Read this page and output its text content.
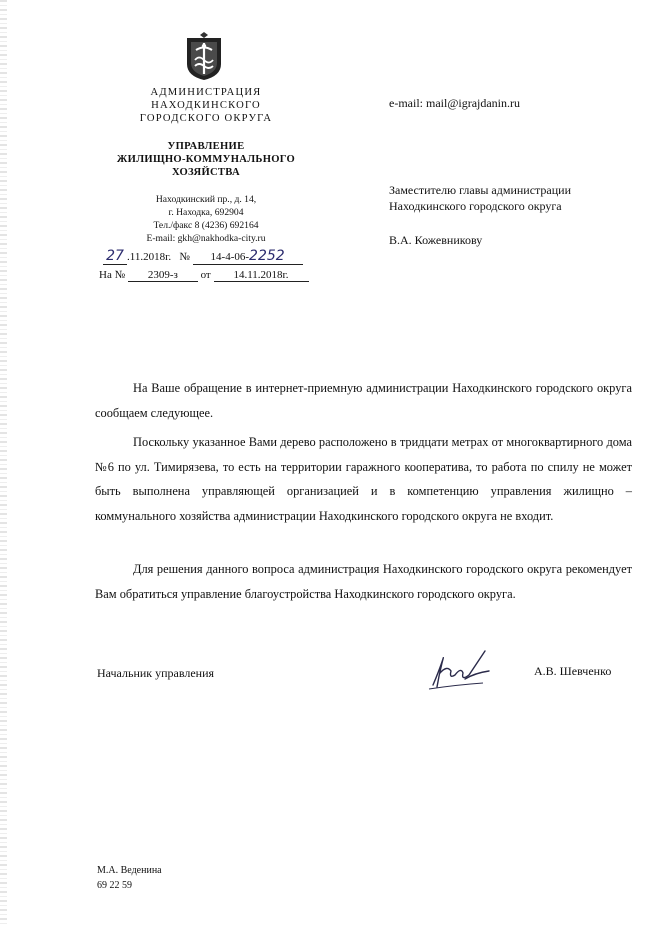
АДМИНИСТРАЦИЯ
НАХОДКИНСКОГО
ГОРОДСКОГО ОКРУГА
УПРАВЛЕНИЕ
ЖИЛИЩНО-КОММУНАЛЬНОГО
ХОЗЯЙСТВА
Находкинский пр., д. 14,
г. Находка, 692904
Тел./факс 8 (4236) 692164
E-mail: gkh@nakhodka-city.ru
27 .11.2018г. № 14-4-06-2252
На № 2309-з от 14.11.2018г.
e-mail: mail@igrajdanin.ru
Заместителю главы администрации
Находкинского городского округа
В.А. Кожевникову
На Ваше обращение в интернет-приемную администрации Находкинского городского округа сообщаем следующее.
Поскольку указанное Вами дерево расположено в тридцати метрах от многоквартирного дома №6 по ул. Тимирязева, то есть на территории гаражного кооператива, то работа по спилу не может быть выполнена управляющей организацией и в компетенцию управления жилищно – коммунального хозяйства администрации Находкинского городского округа не входит.
Для решения данного вопроса администрация Находкинского городского округа рекомендует Вам обратиться управление благоустройства Находкинского городского округа.
Начальник управления	А.В. Шевченко
М.А. Веденина
69 22 59
